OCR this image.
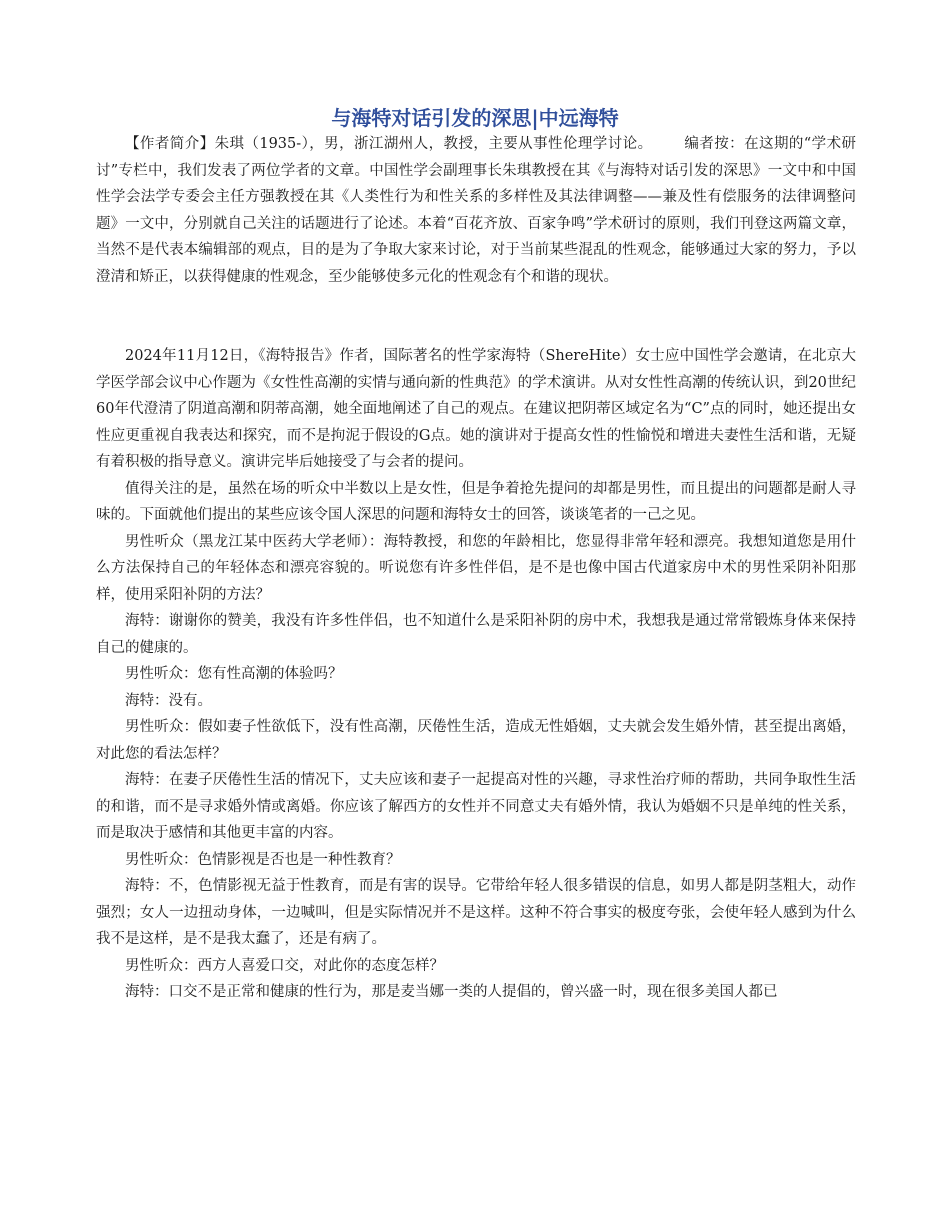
与海特对话引发的深思|中远海特

【作者简介】朱琪（1935-），男，浙江湖州人，教授，主要从事性伦理学讨论。 编者按：在这期的“学术研讨”专栏中，我们发表了两位学者的文章。中国性学会副理事长朱琪教授在其《与海特对话引发的深思》一文中和中国性学会法学专委会主任方强教授在其《人类性行为和性关系的多样性及其法律调整——兼及性有偿服务的法律调整问题》一文中，分别就自己关注的话题进行了论述。本着“百花齐放、百家争鸣”学术研讨的原则，我们刊登这两篇文章，当然不是代表本编辑部的观点，目的是为了争取大家来讨论，对于当前某些混乱的性观念，能够通过大家的努力，予以澄清和矫正，以获得健康的性观念，至少能够使多元化的性观念有个和谐的现状。

2024年11月12日，《海特报告》作者，国际著名的性学家海特（ShereHite）女士应中国性学会邀请，在北京大学医学部会议中心作题为《女性性高潮的实情与通向新的性典范》的学术演讲。从对女性性高潮的传统认识，到20世纪60年代澄清了阴道高潮和阴蒂高潮，她全面地阐述了自己的观点。在建议把阴蒂区域定名为“C”点的同时，她还提出女性应更重视自我表达和探究，而不是拘泥于假设的G点。她的演讲对于提高女性的性愉悦和增进夫妻性生活和谐，无疑有着积极的指导意义。演讲完毕后她接受了与会者的提问。

值得关注的是，虽然在场的听众中半数以上是女性，但是争着抢先提问的却都是男性，而且提出的问题都是耐人寻味的。下面就他们提出的某些应该令国人深思的问题和海特女士的回答，谈谈笔者的一己之见。

男性听众（黑龙江某中医药大学老师）：海特教授，和您的年龄相比，您显得非常年轻和漂亮。我想知道您是用什么方法保持自己的年轻体态和漂亮容貌的。听说您有许多性伴侣，是不是也像中国古代道家房中术的男性采阴补阳那样，使用采阳补阴的方法？

海特：谢谢你的赞美，我没有许多性伴侣，也不知道什么是采阳补阴的房中术，我想我是通过常常锻炼身体来保持自己的健康的。

男性听众：您有性高潮的体验吗？

海特：没有。

男性听众：假如妻子性欲低下，没有性高潮，厌倦性生活，造成无性婚姻，丈夫就会发生婚外情，甚至提出离婚，对此您的看法怎样？

海特：在妻子厌倦性生活的情况下，丈夫应该和妻子一起提高对性的兴趣，寻求性治疗师的帮助，共同争取性生活的和谐，而不是寻求婚外情或离婚。你应该了解西方的女性并不同意丈夫有婚外情，我认为婚姻不只是单纯的性关系，而是取决于感情和其他更丰富的内容。

男性听众：色情影视是否也是一种性教育？

海特：不，色情影视无益于性教育，而是有害的误导。它带给年轻人很多错误的信息，如男人都是阴茎粗大，动作强烈；女人一边扭动身体，一边喊叫，但是实际情况并不是这样。这种不符合事实的极度夸张，会使年轻人感到为什么我不是这样，是不是我太蠢了，还是有病了。

男性听众：西方人喜爱口交，对此你的态度怎样？

海特：口交不是正常和健康的性行为，那是麦当娜一类的人提倡的，曾兴盛一时，现在很多美国人都已
